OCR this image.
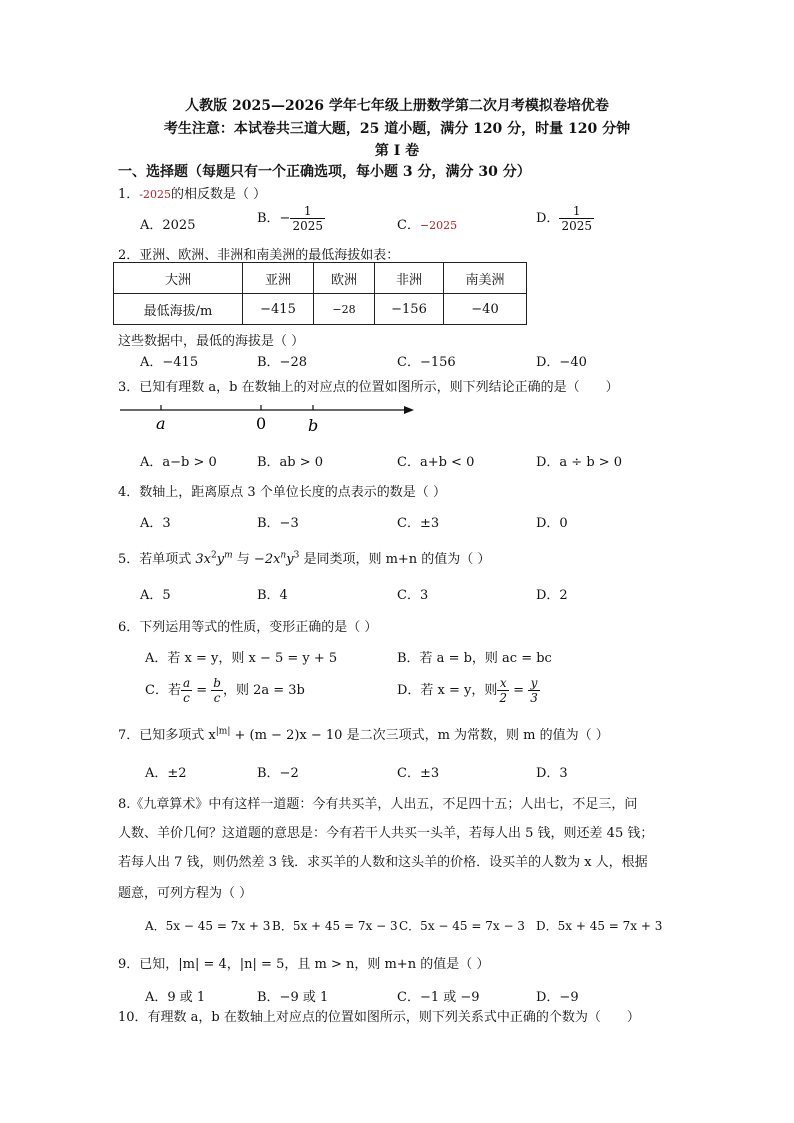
人教版 2025—2026 学年七年级上册数学第二次月考模拟卷培优卷
考生注意：本试卷共三道大题，25 道小题，满分 120 分，时量 120 分钟
第 I 卷
一、选择题（每题只有一个正确选项，每小题 3 分，满分 30 分）
1．-2025的相反数是（ ）
A．2025	B．− $\frac{1}{2025}$	C．−2025	D． $\frac{1}{2025}$
2．亚洲、欧洲、非洲和南美洲的最低海拔如表：
大洲	亚洲	欧洲	非洲	南美洲
最低海拔/m	−415	−28	−156	−40
这些数据中，最低的海拔是（ ）
A．−415	B．−28	C．−156	D．−40
3．已知有理数 a，b 在数轴上的对应点的位置如图所示，则下列结论正确的是（　　）
a	0	b
A．a−b > 0	B．ab > 0	C．a+b < 0	D．a ÷ b > 0
4．数轴上，距离原点 3 个单位长度的点表示的数是（ ）
A．3	B．−3	C．±3	D．0
5．若单项式 $3x^2y^m$ 与 $-2x^ny^3$ 是同类项，则 m+n 的值为（ ）
A．5	B．4	C．3	D．2
6．下列运用等式的性质，变形正确的是（ ）
A．若 x = y，则 x − 5 = y + 5	B．若 a = b，则 ac = bc
C．若 $\frac{a}{c} = \frac{b}{c}$ ，则 2a = 3b	D．若 x = y，则 $\frac{x}{2} = \frac{y}{3}$
7．已知多项式 $x^{|m|} + (m - 2)x - 10$ 是二次三项式，m 为常数，则 m 的值为（ ）
A．±2	B．−2	C．±3	D．3
8.《九章算术》中有这样一道题：今有共买羊，人出五，不足四十五；人出七，不足三，问
人数、羊价几何？这道题的意思是：今有若干人共买一头羊，若每人出 5 钱，则还差 45 钱；
若每人出 7 钱，则仍然差 3 钱．求买羊的人数和这头羊的价格．设买羊的人数为 x 人，根据
题意，可列方程为（ ）
A．5x − 45 = 7x + 3 B．5x + 45 = 7x − 3 C．5x − 45 = 7x − 3 D．5x + 45 = 7x + 3
9．已知，|m| = 4，|n| = 5，且 m > n，则 m+n 的值是（ ）
A．9 或 1	B．−9 或 1	C．−1 或 −9	D．−9
10．有理数 a，b 在数轴上对应点的位置如图所示，则下列关系式中正确的个数为（　　）
